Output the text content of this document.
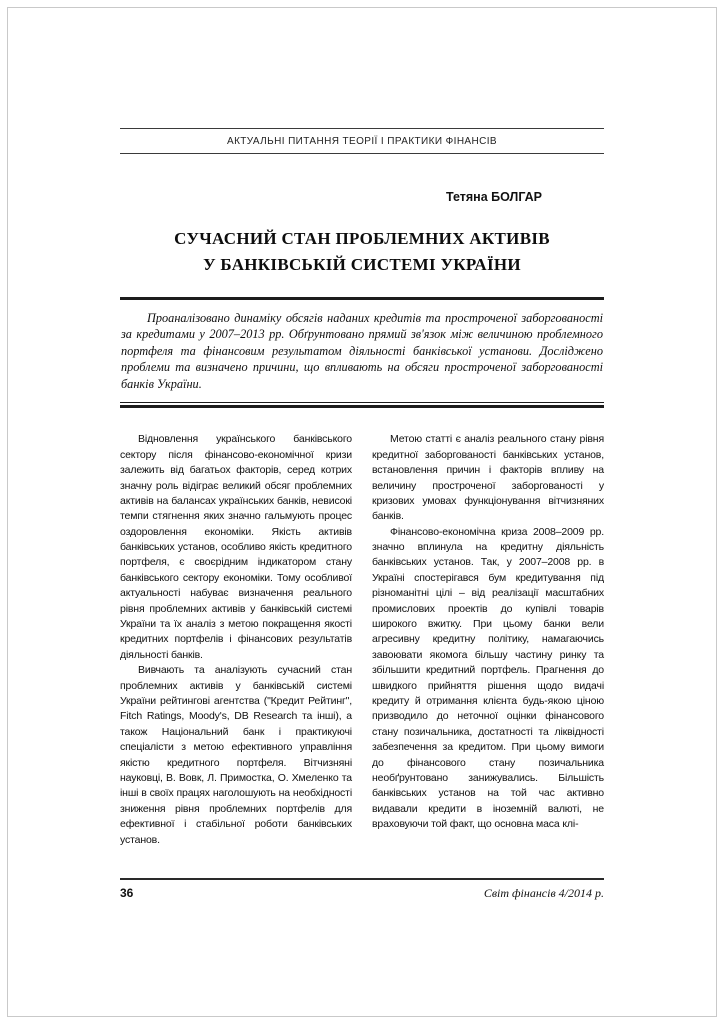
АКТУАЛЬНІ ПИТАННЯ ТЕОРІЇ І ПРАКТИКИ ФІНАНСІВ
Тетяна БОЛГАР
СУЧАСНИЙ СТАН ПРОБЛЕМНИХ АКТИВІВ
У БАНКІВСЬКІЙ СИСТЕМІ УКРАЇНИ

Проаналізовано динаміку обсягів наданих кредитів та простроченої заборгованості за кредитами у 2007–2013 рр. Обґрунтовано прямий зв'язок між величиною проблемного портфеля та фінансовим результатом діяльності банківської установи. Досліджено проблеми та визначено причини, що впливають на обсяги простроченої заборгованості банків України.

Відновлення українського банківського сектору після фінансово-економічної кризи залежить від багатьох факторів, серед котрих значну роль відіграє великий обсяг проблемних активів на балансах українських банків, невисокі темпи стягнення яких значно гальмують процес оздоровлення економіки. Якість активів банківських установ, особливо якість кредитного портфеля, є своєрідним індикатором стану банківського сектору економіки. Тому особливої актуальності набуває визначення реального рівня проблемних активів у банківській системі України та їх аналіз з метою покращення якості кредитних портфелів і фінансових результатів діяльності банків.

Вивчають та аналізують сучасний стан проблемних активів у банківській системі України рейтингові агентства ("Кредит Рейтинг", Fitch Ratings, Moody's, DB Research та інші), а також Національний банк і практикуючі спеціалісти з метою ефективного управління якістю кредитного портфеля. Вітчизняні науковці, В. Вовк, Л. Примостка, О. Хмеленко та інші в своїх працях наголошують на необхідності зниження рівня проблемних портфелів для ефективної і стабільної роботи банківських установ.

Метою статті є аналіз реального стану рівня кредитної заборгованості банківських установ, встановлення причин і факторів впливу на величину простроченої заборгованості у кризових умовах функціонування вітчизняних банків.

Фінансово-економічна криза 2008–2009 рр. значно вплинула на кредитну діяльність банківських установ. Так, у 2007–2008 рр. в Україні спостерігався бум кредитування під різноманітні цілі – від реалізації масштабних промислових проектів до купівлі товарів широкого вжитку. При цьому банки вели агресивну кредитну політику, намагаючись завоювати якомога більшу частину ринку та збільшити кредитний портфель. Прагнення до швидкого прийняття рішення щодо видачі кредиту й отримання клієнта будь-якою ціною призводило до неточної оцінки фінансового стану позичальника, достатності та ліквідності забезпечення за кредитом. При цьому вимоги до фінансового стану позичальника необґрунтовано занижувались. Більшість банківських установ на той час активно видавали кредити в іноземній валюті, не враховуючи той факт, що основна маса клі-

36	Світ фінансів 4/2014 р.
